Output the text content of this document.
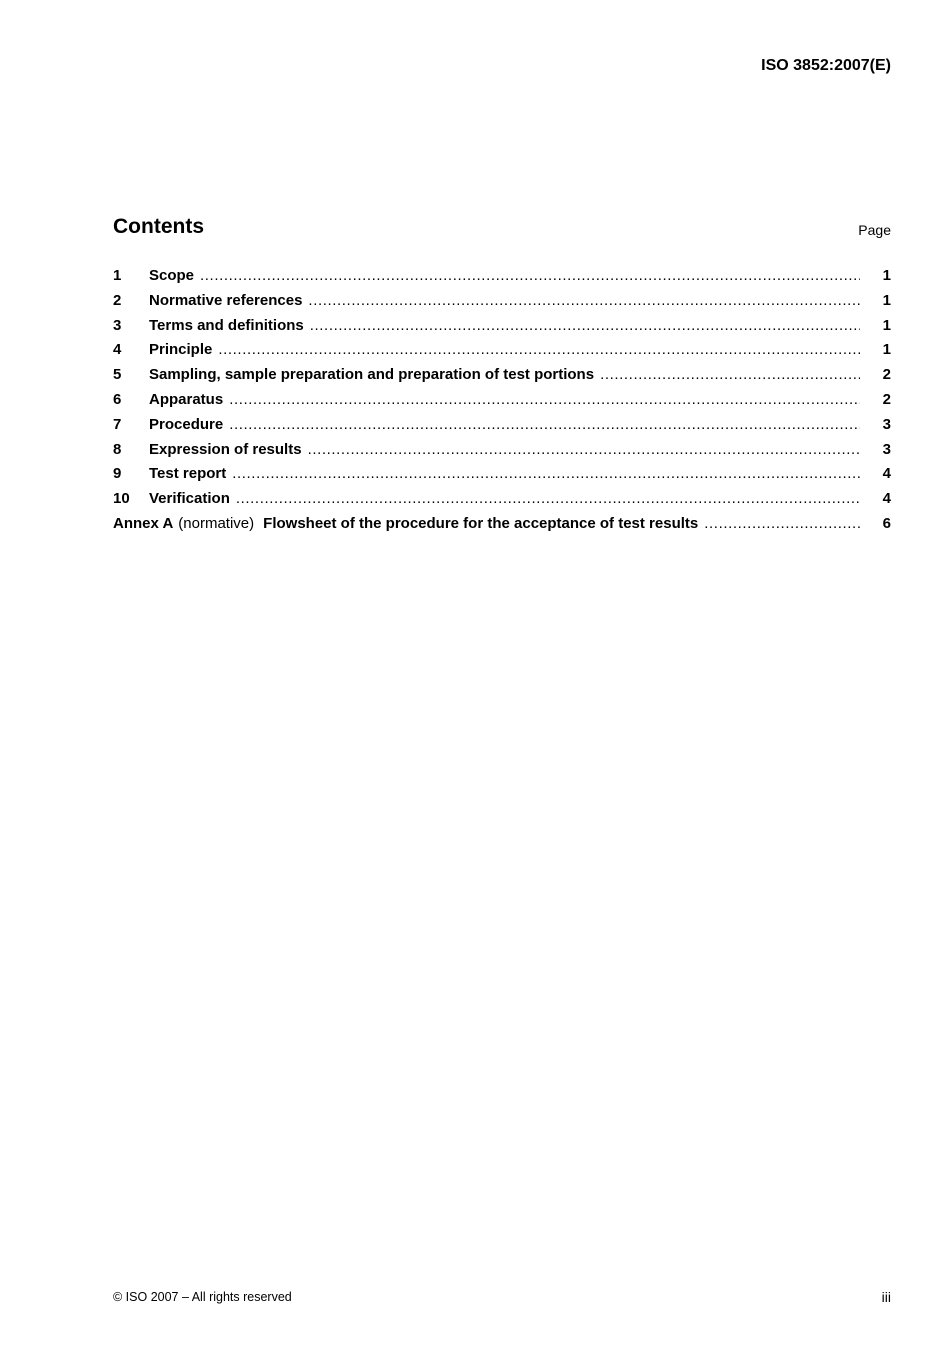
ISO 3852:2007(E)
Contents	Page
1	Scope .....	1
2	Normative references .....	1
3	Terms and definitions .....	1
4	Principle .....	1
5	Sampling, sample preparation and preparation of test portions .....	2
6	Apparatus .....	2
7	Procedure .....	3
8	Expression of results .....	3
9	Test report .....	4
10	Verification .....	4
Annex A (normative) Flowsheet of the procedure for the acceptance of test results .....	6
© ISO 2007 – All rights reserved	iii
